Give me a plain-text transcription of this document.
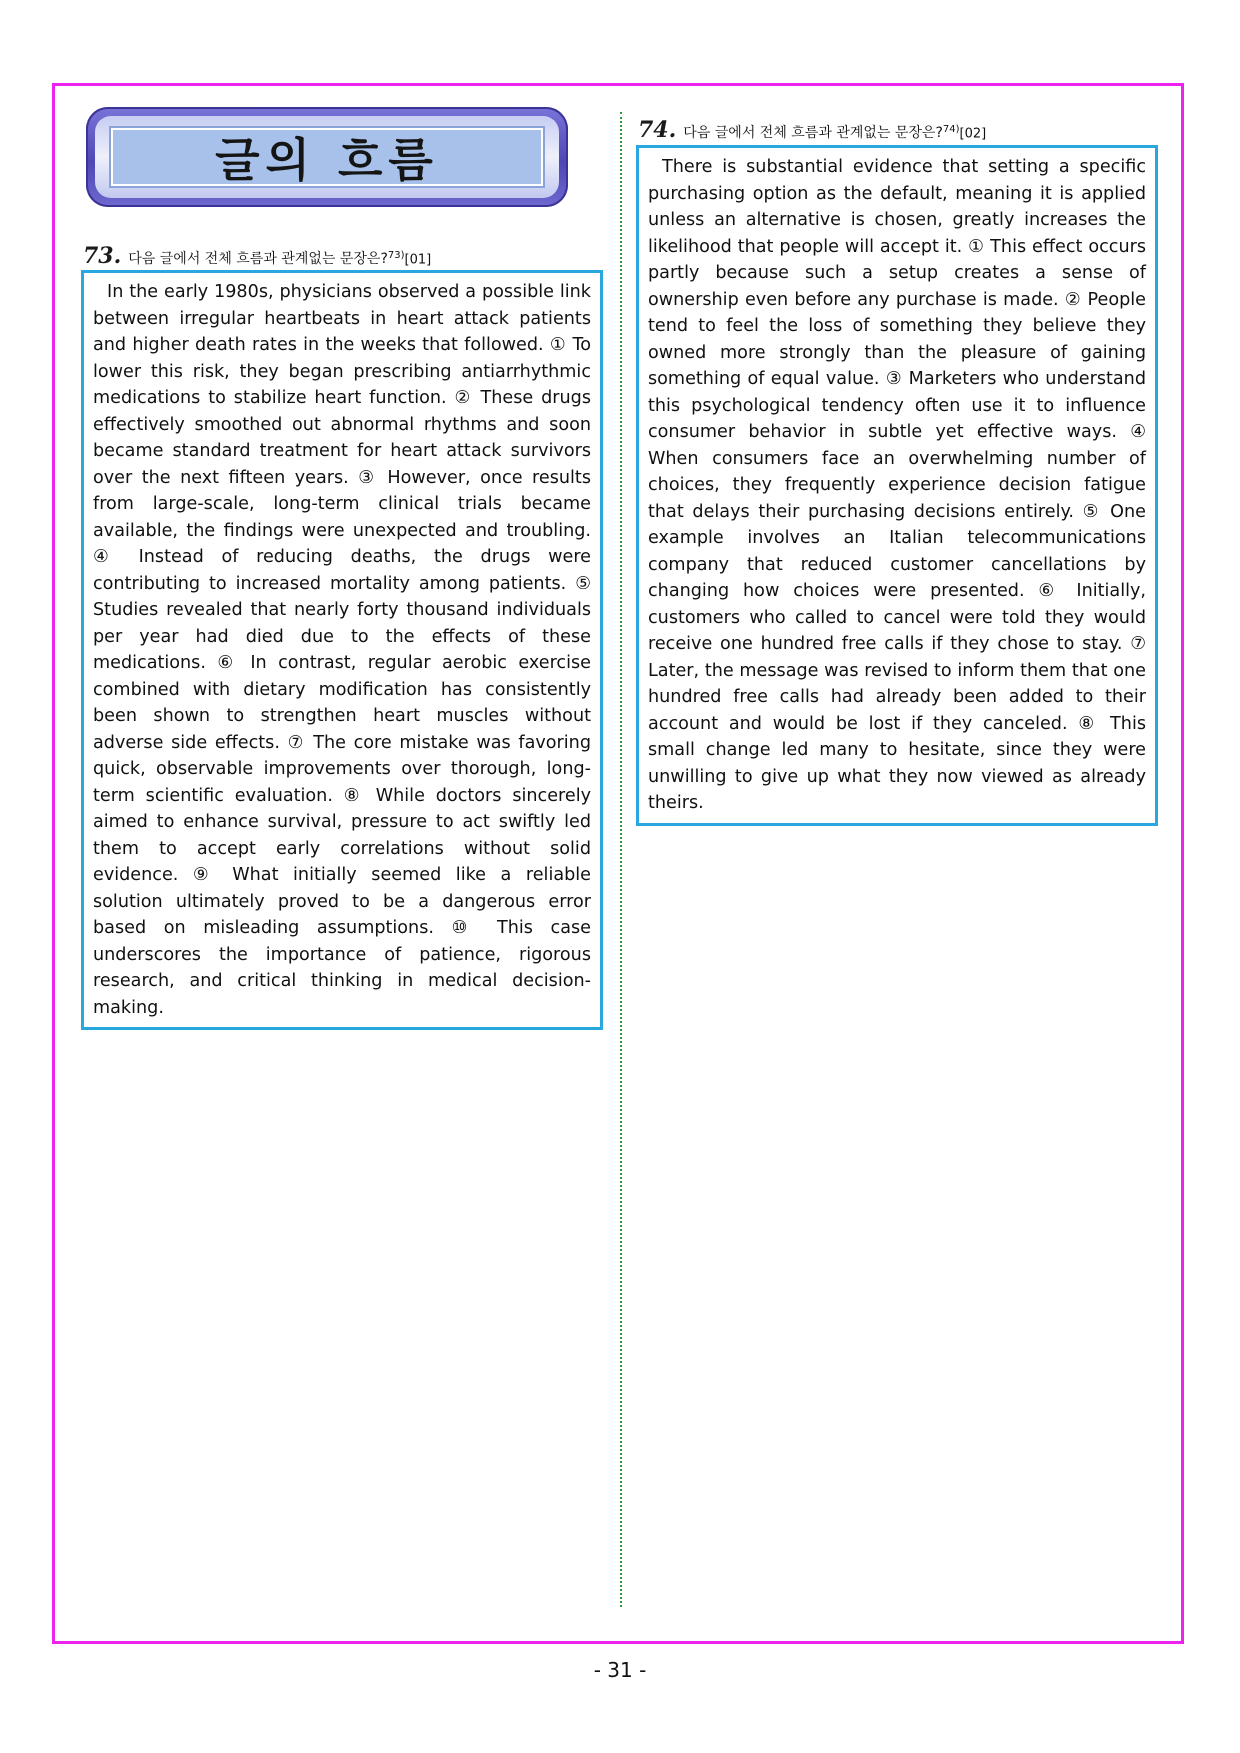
글의 흐름
73. 다음 글에서 전체 흐름과 관계없는 문장은? $^{73)}$[01]
In the early 1980s, physicians observed a possible link between irregular heartbeats in heart attack patients and higher death rates in the weeks that followed. ① To lower this risk, they began prescribing antiarrhythmic medications to stabilize heart function. ② These drugs effectively smoothed out abnormal rhythms and soon became standard treatment for heart attack survivors over the next fifteen years. ③ However, once results from large-scale, long-term clinical trials became available, the findings were unexpected and troubling. ④ Instead of reducing deaths, the drugs were contributing to increased mortality among patients. ⑤ Studies revealed that nearly forty thousand individuals per year had died due to the effects of these medications. ⑥ In contrast, regular aerobic exercise combined with dietary modification has consistently been shown to strengthen heart muscles without adverse side effects. ⑦ The core mistake was favoring quick, observable improvements over thorough, long-term scientific evaluation. ⑧ While doctors sincerely aimed to enhance survival, pressure to act swiftly led them to accept early correlations without solid evidence. ⑨ What initially seemed like a reliable solution ultimately proved to be a dangerous error based on misleading assumptions. ⑩ This case underscores the importance of patience, rigorous research, and critical thinking in medical decision-making.
74. 다음 글에서 전체 흐름과 관계없는 문장은? $^{74)}$[02]
There is substantial evidence that setting a specific purchasing option as the default, meaning it is applied unless an alternative is chosen, greatly increases the likelihood that people will accept it. ① This effect occurs partly because such a setup creates a sense of ownership even before any purchase is made. ② People tend to feel the loss of something they believe they owned more strongly than the pleasure of gaining something of equal value. ③ Marketers who understand this psychological tendency often use it to influence consumer behavior in subtle yet effective ways. ④ When consumers face an overwhelming number of choices, they frequently experience decision fatigue that delays their purchasing decisions entirely. ⑤ One example involves an Italian telecommunications company that reduced customer cancellations by changing how choices were presented. ⑥ Initially, customers who called to cancel were told they would receive one hundred free calls if they chose to stay. ⑦ Later, the message was revised to inform them that one hundred free calls had already been added to their account and would be lost if they canceled. ⑧ This small change led many to hesitate, since they were unwilling to give up what they now viewed as already theirs.
- 31 -
